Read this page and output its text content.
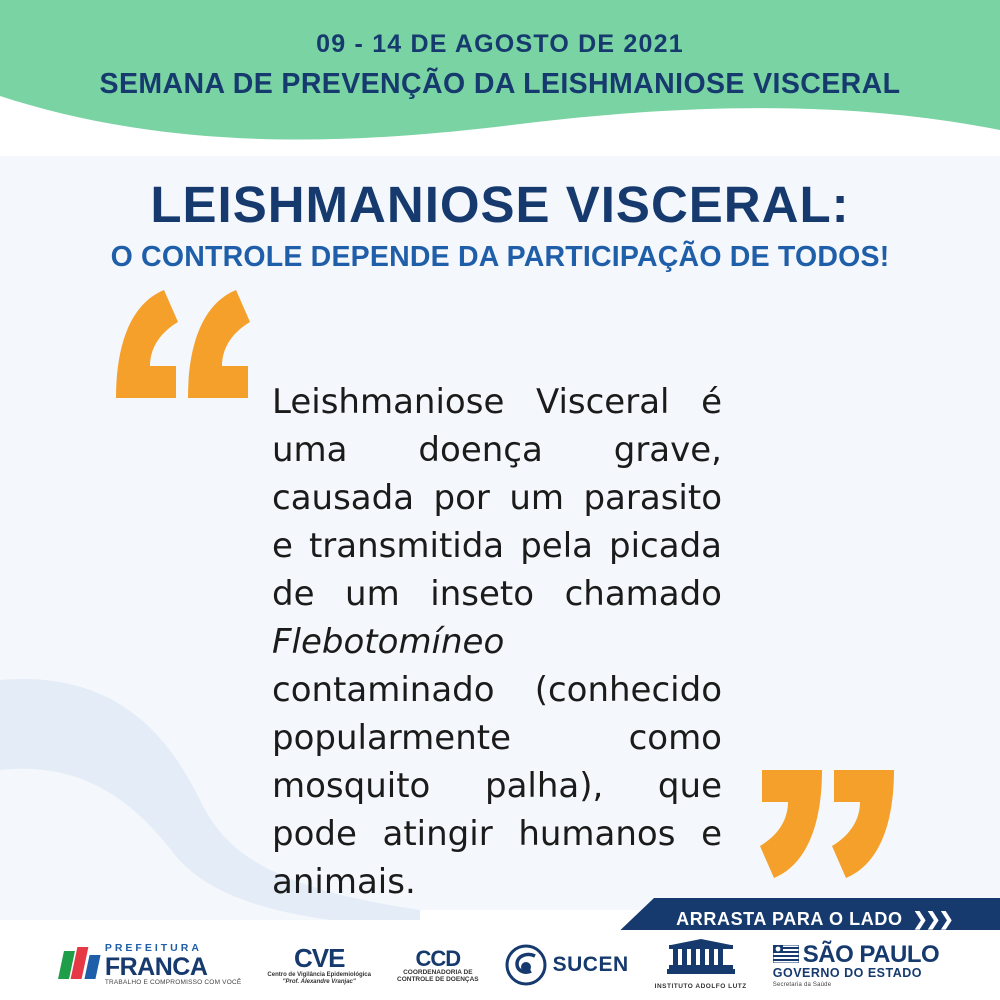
09 - 14 DE AGOSTO DE 2021
SEMANA DE PREVENÇÃO DA LEISHMANIOSE VISCERAL
LEISHMANIOSE VISCERAL:
O CONTROLE DEPENDE DA PARTICIPAÇÃO DE TODOS!
Leishmaniose Visceral é uma doença grave, causada por um parasito e transmitida pela picada de um inseto chamado Flebotomíneo contaminado (conhecido popularmente como mosquito palha), que pode atingir humanos e animais.
ARRASTA PARA O LADO ❯❯❯
PREFEITURA
FRANCA
TRABALHO E COMPROMISSO COM VOCÊ
CVE
Centro de Vigilância Epidemiológica
"Prof. Alexandre Vranjac"
CCD
COORDENADORIA DE
CONTROLE DE DOENÇAS
SUCEN
INSTITUTO ADOLFO LUTZ
SÃO PAULO
GOVERNO DO ESTADO
Secretaria da Saúde
